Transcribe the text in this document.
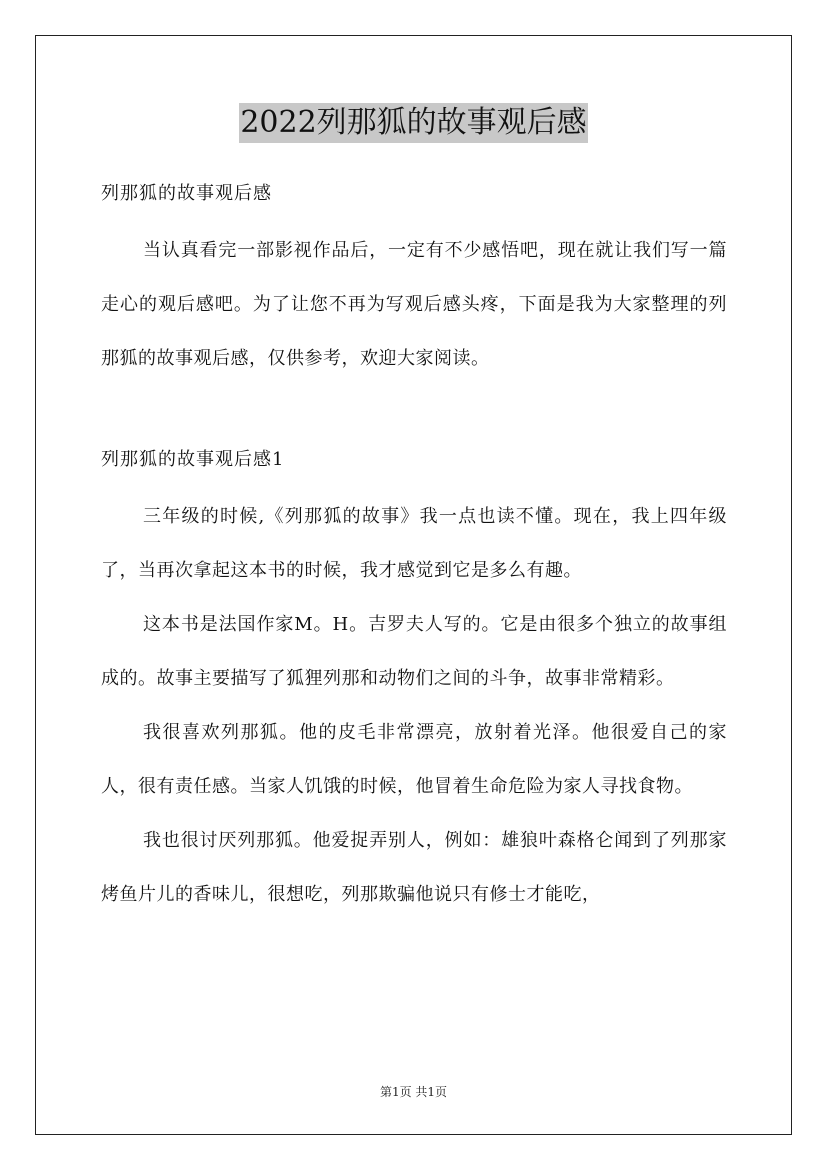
2022列那狐的故事观后感

列那狐的故事观后感

当认真看完一部影视作品后，一定有不少感悟吧，现在就让我们写一篇走心的观后感吧。为了让您不再为写观后感头疼，下面是我为大家整理的列那狐的故事观后感，仅供参考，欢迎大家阅读。

列那狐的故事观后感1

三年级的时候,《列那狐的故事》我一点也读不懂。现在，我上四年级了，当再次拿起这本书的时候，我才感觉到它是多么有趣。

这本书是法国作家M。H。吉罗夫人写的。它是由很多个独立的故事组成的。故事主要描写了狐狸列那和动物们之间的斗争，故事非常精彩。

我很喜欢列那狐。他的皮毛非常漂亮，放射着光泽。他很爱自己的家人，很有责任感。当家人饥饿的时候，他冒着生命危险为家人寻找食物。

我也很讨厌列那狐。他爱捉弄别人，例如：雄狼叶森格仑闻到了列那家烤鱼片儿的香味儿，很想吃，列那欺骗他说只有修士才能吃，

第1页 共1页
